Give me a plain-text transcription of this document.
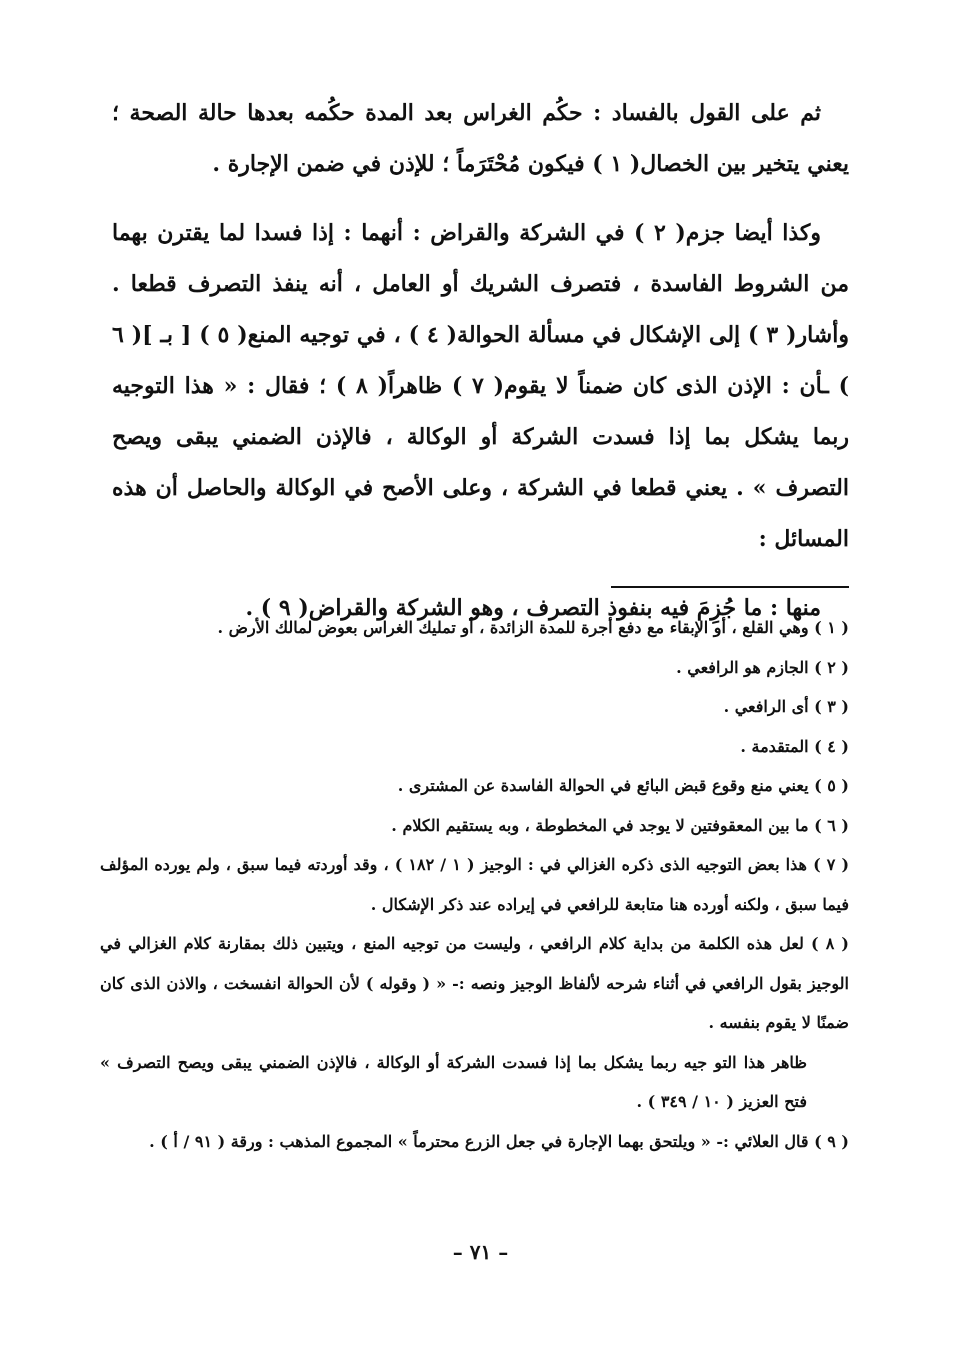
ثم على القول بالفساد : حكُم الغراس بعد المدة حكُمه بعدها حالة الصحة ؛ يعني يتخير بين الخصال( ١ ) فيكون مُحْتَرَماً ؛ للإذن في ضمن الإجارة .

وكذا أيضا جزم( ٢ ) في الشركة والقراض : أنهما : إذا فسدا لما يقترن بهما من الشروط الفاسدة ، فتصرف الشريك أو العامل ، أنه ينفذ التصرف قطعا . وأشار( ٣ ) إلى الإشكال في مسألة الحوالة( ٤ ) ، في توجيه المنع( ٥ ) [ بـ ]( ٦ ) ـأن : الإذن الذى كان ضمناً لا يقوم( ٧ ) ظاهراً( ٨ ) ؛ فقال : « هذا التوجيه ربما يشكل بما إذا فسدت الشركة أو الوكالة ، فالإذن الضمني يبقى ويصح التصرف » . يعني قطعا في الشركة ، وعلى الأصح في الوكالة والحاصل أن هذه المسائل :

منها : ما جُزِمَ فيه بنفوذ التصرف ، وهو الشركة والقراض( ٩ ) .

( ١ ) وهي القلع ، أو الإبقاء مع دفع أجرة للمدة الزائدة ، أو تمليك الغراس بعوض لمالك الأرض .

( ٢ ) الجازم هو الرافعي .

( ٣ ) أى الرافعي .

( ٤ ) المتقدمة .

( ٥ ) يعني منع وقوع قبض البائع في الحوالة الفاسدة عن المشترى .

( ٦ ) ما بين المعقوفتين لا يوجد في المخطوطة ، وبه يستقيم الكلام .

( ٧ ) هذا بعض التوجيه الذى ذكره الغزالي في : الوجيز ( ١ / ١٨٢ ) ، وقد أوردته فيما سبق ، ولم يورده المؤلف فيما سبق ، ولكنه أورده هنا متابعة للرافعي في إيراده عند ذكر الإشكال .

( ٨ ) لعل هذه الكلمة من بداية كلام الرافعي ، وليست من توجيه المنع ، ويتبين ذلك بمقارنة كلام الغزالي في الوجيز بقول الرافعي في أثناء شرحه لألفاظ الوجيز ونصه :- « ( وقوله ) لأن الحوالة انفسخت ، والاذن الذى كان ضمنًا لا يقوم بنفسه .

ظاهر هذا التو جيه ربما يشكل بما إذا فسدت الشركة أو الوكالة ، فالإذن الضمني يبقى ويصح التصرف » فتح العزيز ( ١٠ / ٣٤٩ ) .

( ٩ ) قال العلائي :- « ويلتحق بهما الإجارة في جعل الزرع محترماً » المجموع المذهب : ورقة ( ٩١ / أ ) .

– ٧١ –
